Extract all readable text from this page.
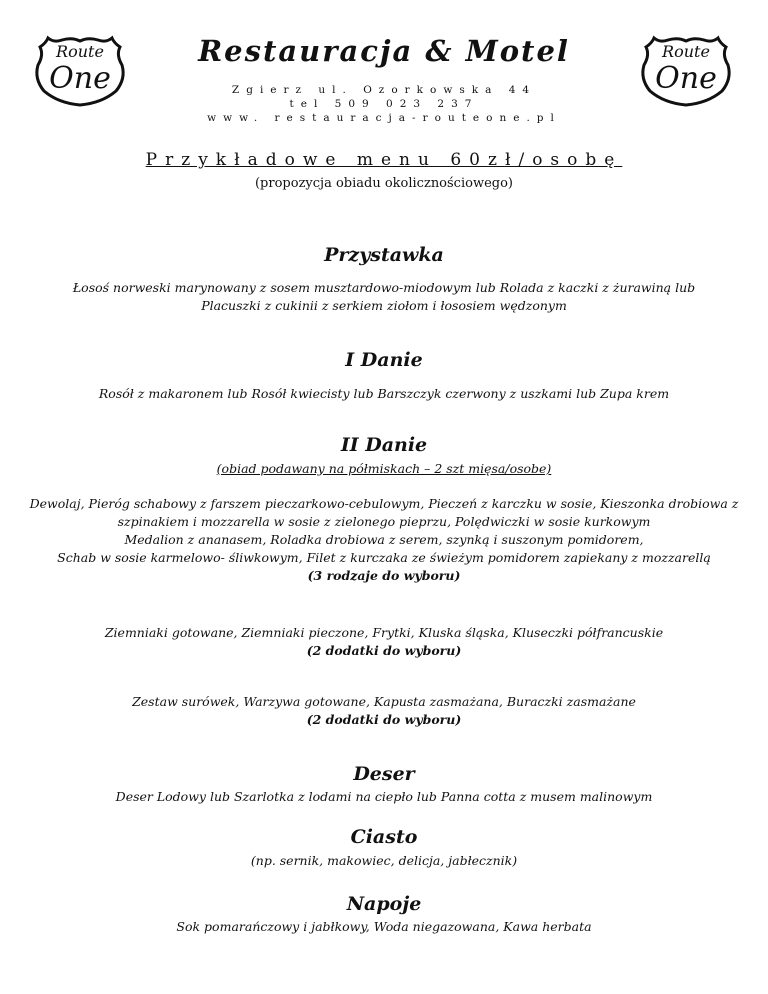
Route
One
Route
One
Restauracja & Motel
Zgierz ul. Ozorkowska 44
tel 509 023 237
www. restauracja-routeone.pl
Przykładowe menu 60zł/osobę
(propozycja obiadu okolicznościowego)
Przystawka
Łosoś norweski marynowany z sosem musztardowo-miodowym lub Rolada z kaczki z żurawiną lub
Placuszki z cukinii z serkiem ziołom i łososiem wędzonym
I Danie
Rosół z makaronem lub Rosół kwiecisty lub Barszczyk czerwony z uszkami lub Zupa krem
II Danie
(obiad podawany na półmiskach – 2 szt mięsa/osobe)
Dewolaj, Pieróg schabowy z farszem pieczarkowo-cebulowym, Pieczeń z karczku w sosie, Kieszonka drobiowa z
szpinakiem i mozzarella w sosie z zielonego pieprzu, Polędwiczki w sosie kurkowym
Medalion z ananasem, Roladka drobiowa z serem, szynką i suszonym pomidorem,
Schab w sosie karmelowo- śliwkowym, Filet z kurczaka ze świeżym pomidorem zapiekany z mozzarellą
(3 rodzaje do wyboru)
Ziemniaki gotowane, Ziemniaki pieczone, Frytki, Kluska śląska, Kluseczki półfrancuskie
(2 dodatki do wyboru)
Zestaw surówek, Warzywa gotowane, Kapusta zasmażana, Buraczki zasmażane
(2 dodatki do wyboru)
Deser
Deser Lodowy lub Szarlotka z lodami na ciepło lub Panna cotta z musem malinowym
Ciasto
(np. sernik, makowiec, delicja, jabłecznik)
Napoje
Sok pomarańczowy i jabłkowy, Woda niegazowana, Kawa herbata
